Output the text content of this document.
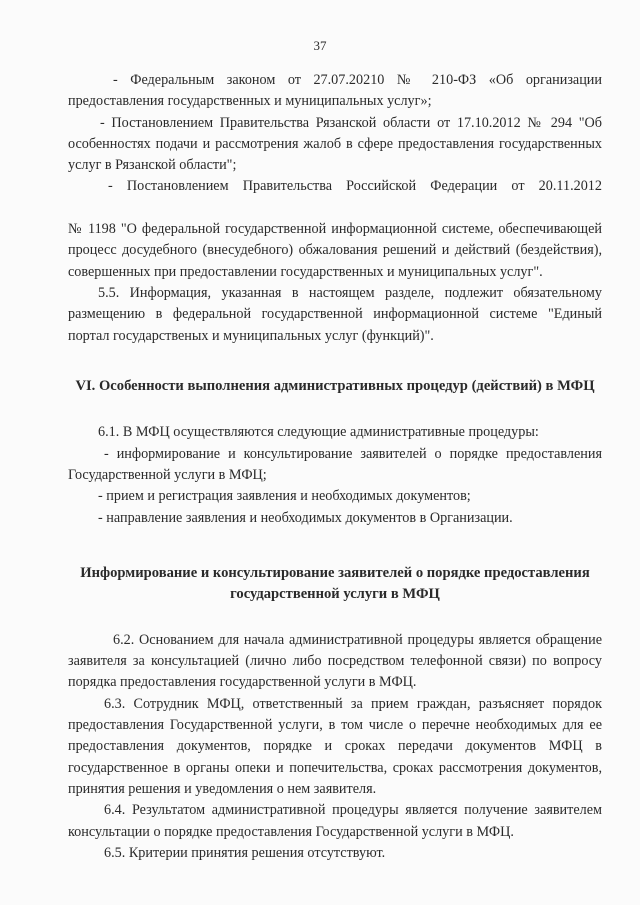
37

- Федеральным законом от 27.07.20210 № 210-ФЗ «Об организации предоставления государственных и муниципальных услуг»;

- Постановлением Правительства Рязанской области от 17.10.2012 № 294 "Об особенностях подачи и рассмотрения жалоб в сфере предоставления государственных услуг в Рязанской области";

- Постановлением Правительства Российской Федерации от 20.11.2012

№ 1198 "О федеральной государственной информационной системе, обеспечивающей процесс досудебного (внесудебного) обжалования решений и действий (бездействия), совершенных при предоставлении государственных и муниципальных услуг".

5.5. Информация, указанная в настоящем разделе, подлежит обязательному размещению в федеральной государственной информационной системе "Единый портал государственых и муниципальных услуг (функций)".

VI. Особенности выполнения административных процедур (действий) в МФЦ

6.1. В МФЦ осуществляются следующие административные процедуры:

- информирование и консультирование заявителей о порядке предоставления Государственной услуги в МФЦ;

- прием и регистрация заявления и необходимых документов;

- направление заявления и необходимых документов в Организации.

Информирование и консультирование заявителей о порядке предоставления государственной услуги в МФЦ

6.2. Основанием для начала административной процедуры является обращение заявителя за консультацией (лично либо посредством телефонной связи) по вопросу порядка предоставления государственной услуги в МФЦ.

6.3. Сотрудник МФЦ, ответственный за прием граждан, разъясняет порядок предоставления Государственной услуги, в том числе о перечне необходимых для ее предоставления документов, порядке и сроках передачи документов МФЦ в государственное в органы опеки и попечительства, сроках рассмотрения документов, принятия решения и уведомления о нем заявителя.

6.4. Результатом административной процедуры является получение заявителем консультации о порядке предоставления Государственной услуги в МФЦ.

6.5. Критерии принятия решения отсутствуют.
